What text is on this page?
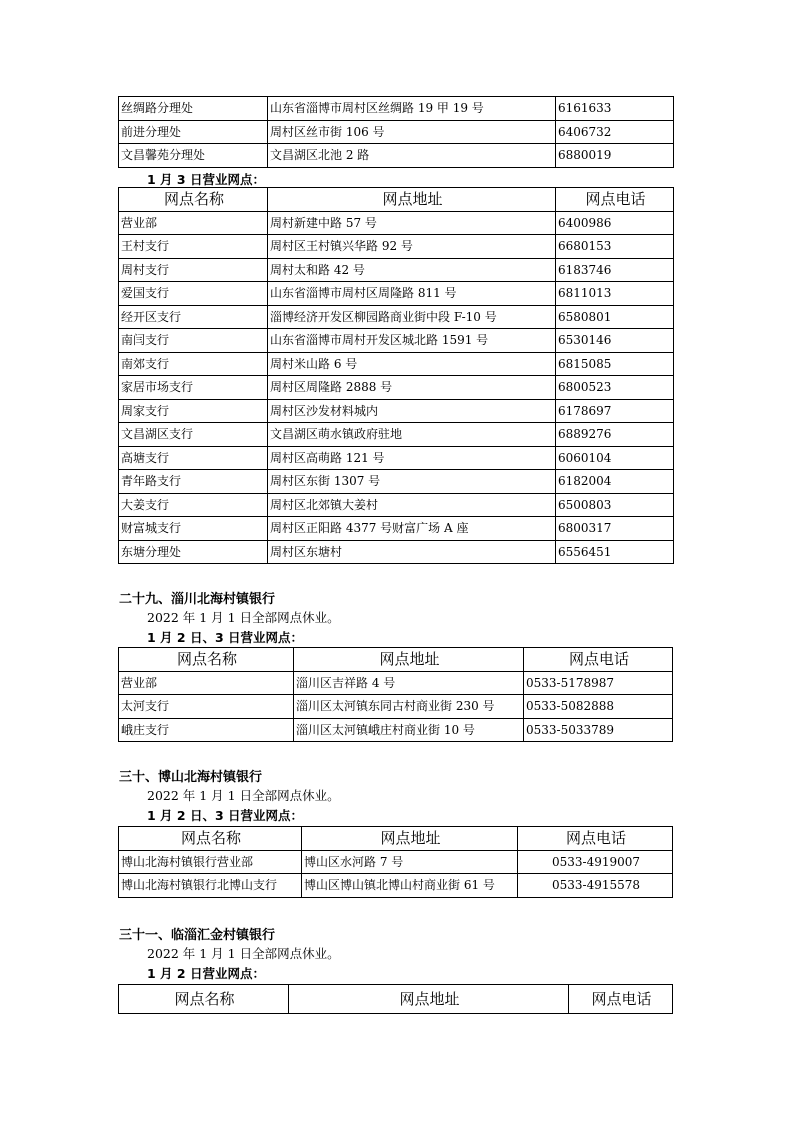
丝绸路分理处	山东省淄博市周村区丝绸路 19 甲 19 号	6161633
前进分理处	周村区丝市街 106 号	6406732
文昌馨苑分理处	文昌湖区北池 2 路	6880019
1 月 3 日营业网点：
网点名称	网点地址	网点电话
营业部	周村新建中路 57 号	6400986
王村支行	周村区王村镇兴华路 92 号	6680153
周村支行	周村太和路 42 号	6183746
爱国支行	山东省淄博市周村区周隆路 811 号	6811013
经开区支行	淄博经济开发区柳园路商业街中段 F-10 号	6580801
南闫支行	山东省淄博市周村开发区城北路 1591 号	6530146
南郊支行	周村米山路 6 号	6815085
家居市场支行	周村区周隆路 2888 号	6800523
周家支行	周村区沙发材料城内	6178697
文昌湖区支行	文昌湖区萌水镇政府驻地	6889276
高塘支行	周村区高萌路 121 号	6060104
青年路支行	周村区东街 1307 号	6182004
大姜支行	周村区北郊镇大姜村	6500803
财富城支行	周村区正阳路 4377 号财富广场 A 座	6800317
东塘分理处	周村区东塘村	6556451
二十九、淄川北海村镇银行
2022 年 1 月 1 日全部网点休业。
1 月 2 日、3 日营业网点：
网点名称	网点地址	网点电话
营业部	淄川区吉祥路 4 号	0533-5178987
太河支行	淄川区太河镇东同古村商业街 230 号	0533-5082888
峨庄支行	淄川区太河镇峨庄村商业街 10 号	0533-5033789
三十、博山北海村镇银行
2022 年 1 月 1 日全部网点休业。
1 月 2 日、3 日营业网点：
网点名称	网点地址	网点电话
博山北海村镇银行营业部	博山区水河路 7 号	0533-4919007
博山北海村镇银行北博山支行	博山区博山镇北博山村商业街 61 号	0533-4915578
三十一、临淄汇金村镇银行
2022 年 1 月 1 日全部网点休业。
1 月 2 日营业网点：
网点名称	网点地址	网点电话
